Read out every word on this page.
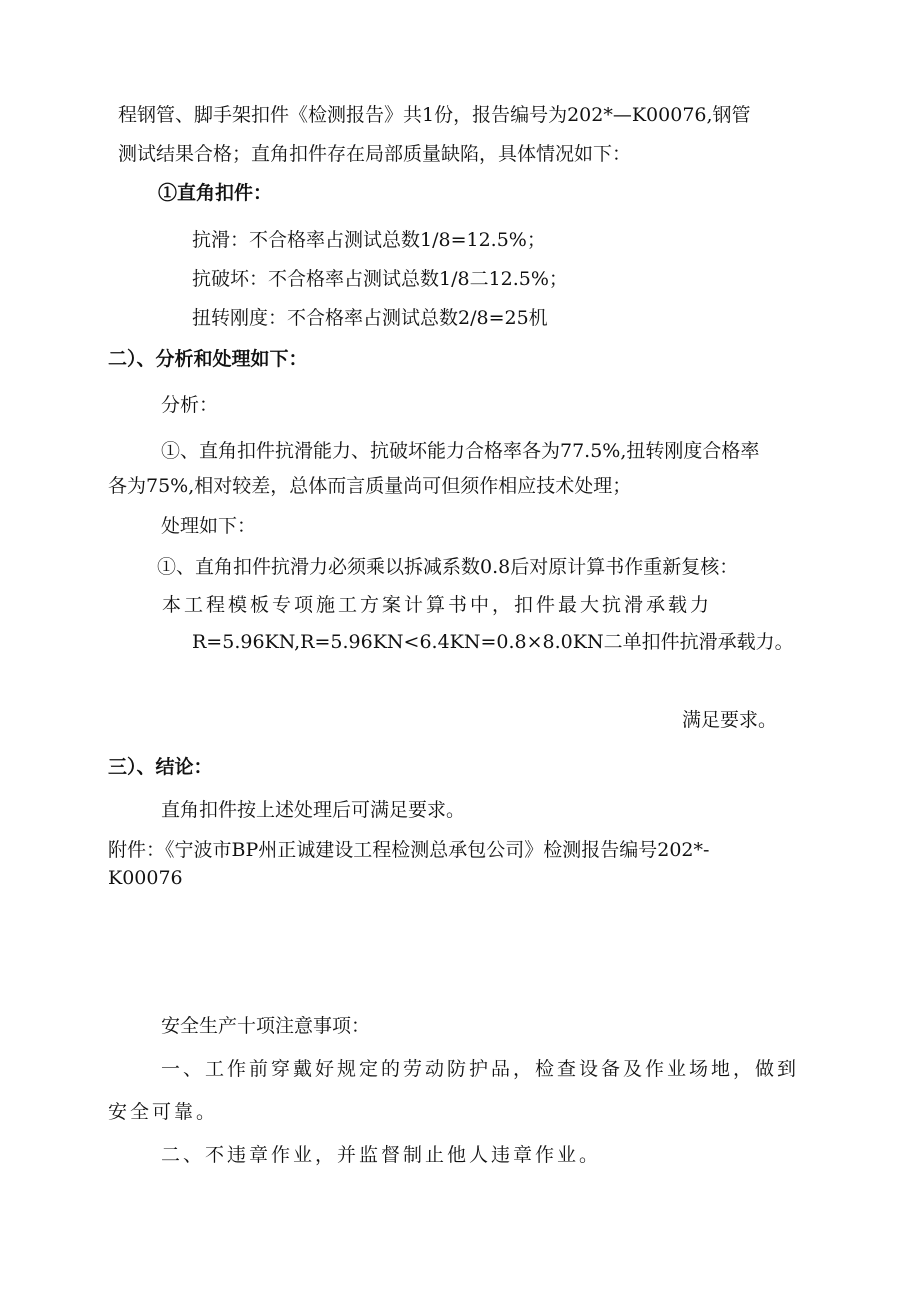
程钢管、脚手架扣件《检测报告》共1份，报告编号为202*—K00076,钢管
测试结果合格；直角扣件存在局部质量缺陷，具体情况如下：
①直角扣件：
抗滑：不合格率占测试总数1/8=12.5%；
抗破坏：不合格率占测试总数1/8二12.5%；
扭转刚度：不合格率占测试总数2/8=25机
二）、分析和处理如下：
分析：
①、直角扣件抗滑能力、抗破坏能力合格率各为77.5%,扭转刚度合格率
各为75%,相对较差，总体而言质量尚可但须作相应技术处理；
处理如下：
①、直角扣件抗滑力必须乘以拆减系数0.8后对原计算书作重新复核：
本工程模板专项施工方案计算书中，扣件最大抗滑承载力
R=5.96KN,R=5.96KN<6.4KN=0.8×8.0KN二单扣件抗滑承载力。
满足要求。
三）、结论：
直角扣件按上述处理后可满足要求。
附件：《宁波市BP州正诚建设工程检测总承包公司》检测报告编号202*-
K00076
安全生产十项注意事项：
一、工作前穿戴好规定的劳动防护品，检查设备及作业场地，做到
安全可靠。
二、不违章作业，并监督制止他人违章作业。
